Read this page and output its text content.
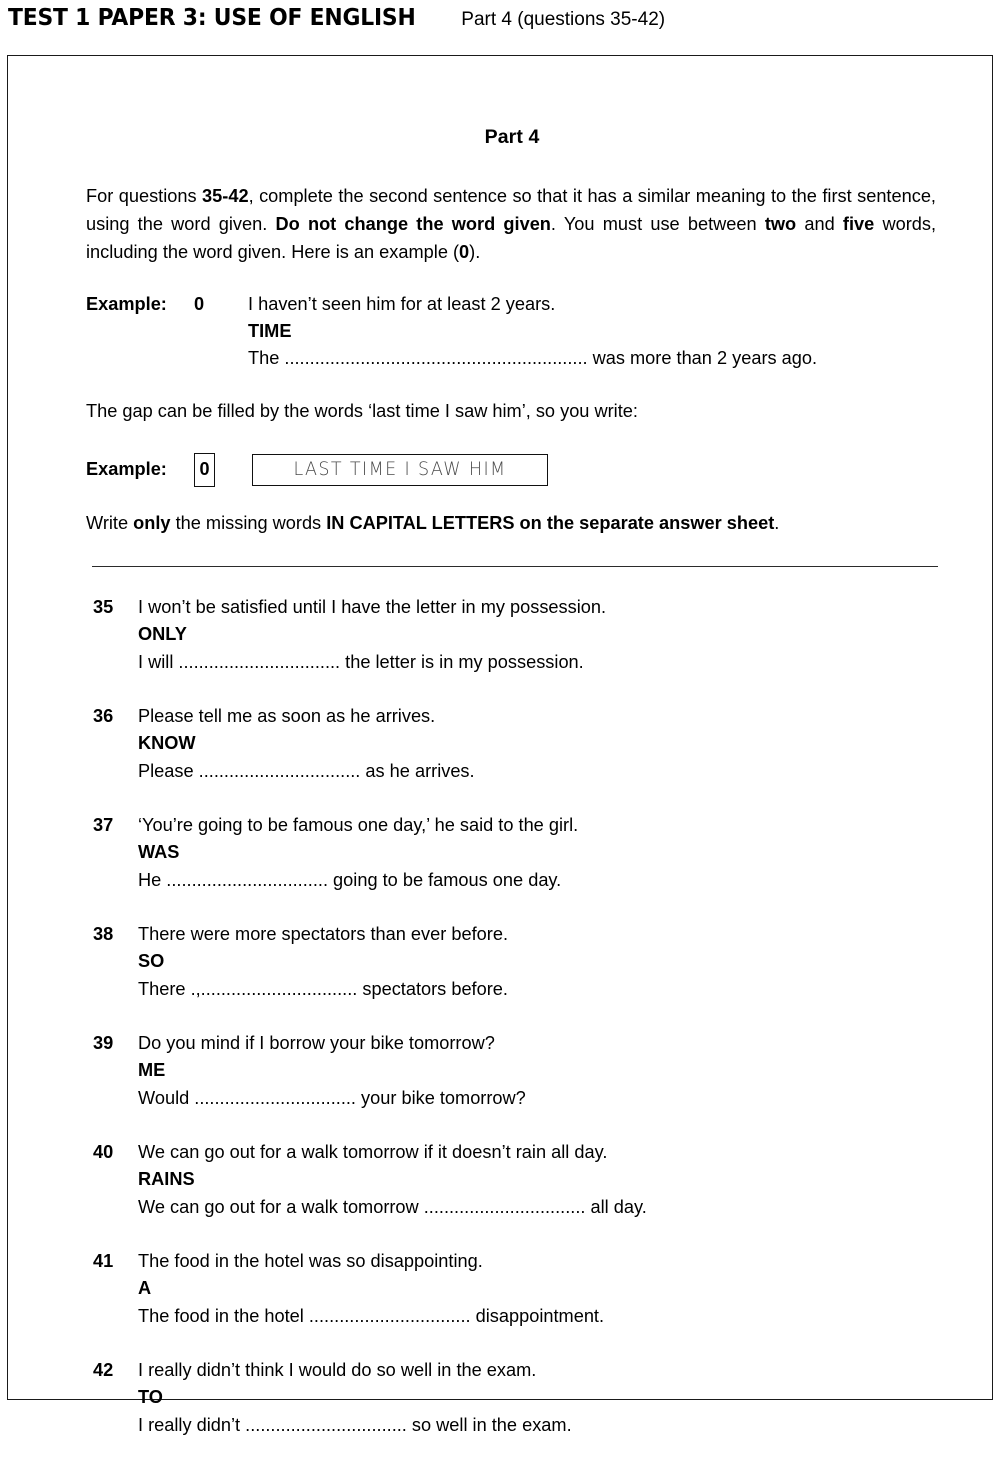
TEST 1 PAPER 3: USE OF ENGLISH Part 4 (questions 35-42)
Part 4

For questions 35-42, complete the second sentence so that it has a similar meaning to the first sentence, using the word given. Do not change the word given. You must use between two and five words, including the word given. Here is an example (0).

Example:	0	I haven’t seen him for at least 2 years.
TIME
The ............................................................ was more than 2 years ago.

The gap can be filled by the words ‘last time I saw him’, so you write:

Example:	0	LAST TIME I SAW HIM

Write only the missing words IN CAPITAL LETTERS on the separate answer sheet.

35	I won’t be satisfied until I have the letter in my possession.
ONLY
I will ................................ the letter is in my possession.
36	Please tell me as soon as he arrives.
KNOW
Please ................................ as he arrives.
37	‘You’re going to be famous one day,’ he said to the girl.
WAS
He ................................ going to be famous one day.
38	There were more spectators than ever before.
SO
There .,............................... spectators before.
39	Do you mind if I borrow your bike tomorrow?
ME
Would ................................ your bike tomorrow?
40	We can go out for a walk tomorrow if it doesn’t rain all day.
RAINS
We can go out for a walk tomorrow ................................ all day.
41	The food in the hotel was so disappointing.
A
The food in the hotel ................................ disappointment.
42	I really didn’t think I would do so well in the exam.
TO
I really didn’t ................................ so well in the exam.
